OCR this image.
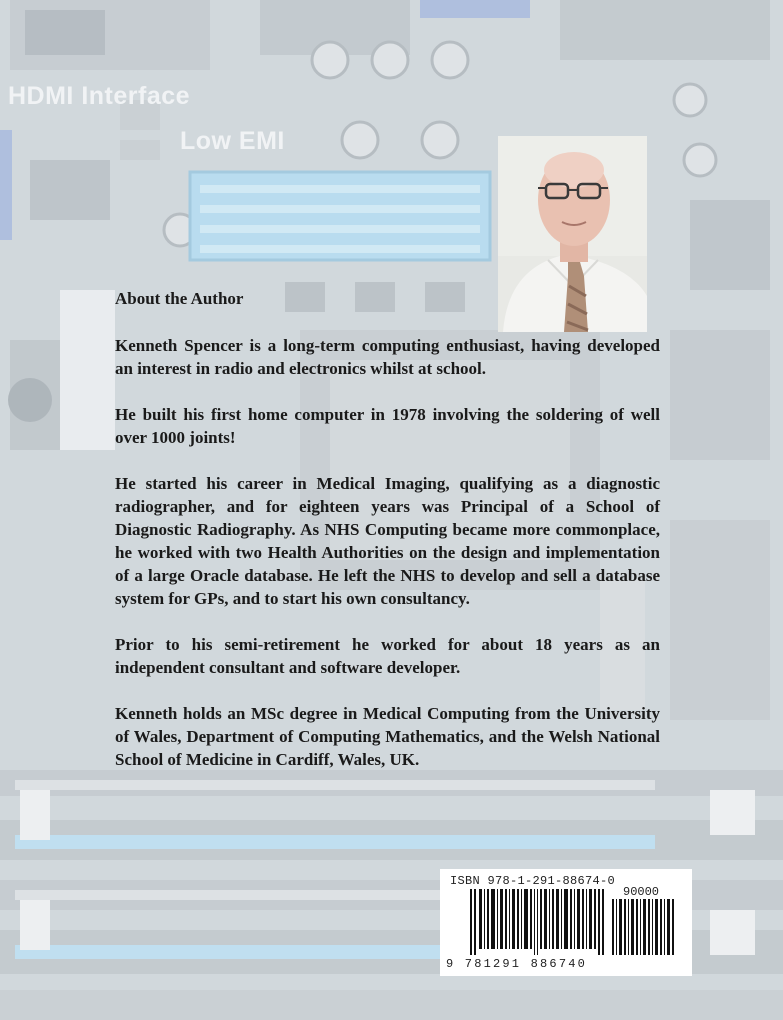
HDMI Interface
Low EMI
About the Author

Kenneth Spencer is a long-term computing enthusiast, having developed an interest in radio and electronics whilst at school.

He built his first home computer in 1978 involving the soldering of well over 1000 joints!

He started his career in Medical Imaging, qualifying as a diagnostic radiographer, and for eighteen years was Principal of a School of Diagnostic Radiography. As NHS Computing became more commonplace, he worked with two Health Authorities on the design and implementation of a large Oracle database. He left the NHS to develop and sell a database system for GPs, and to start his own consultancy.

Prior to his semi-retirement he worked for about 18 years as an independent consultant and software developer.

Kenneth holds an MSc degree in Medical Computing from the University of Wales, Department of Computing Mathematics, and the Welsh National School of Medicine in Cardiff, Wales, UK.

ISBN 978-1-291-88674-0
90000
9 781291 886740
